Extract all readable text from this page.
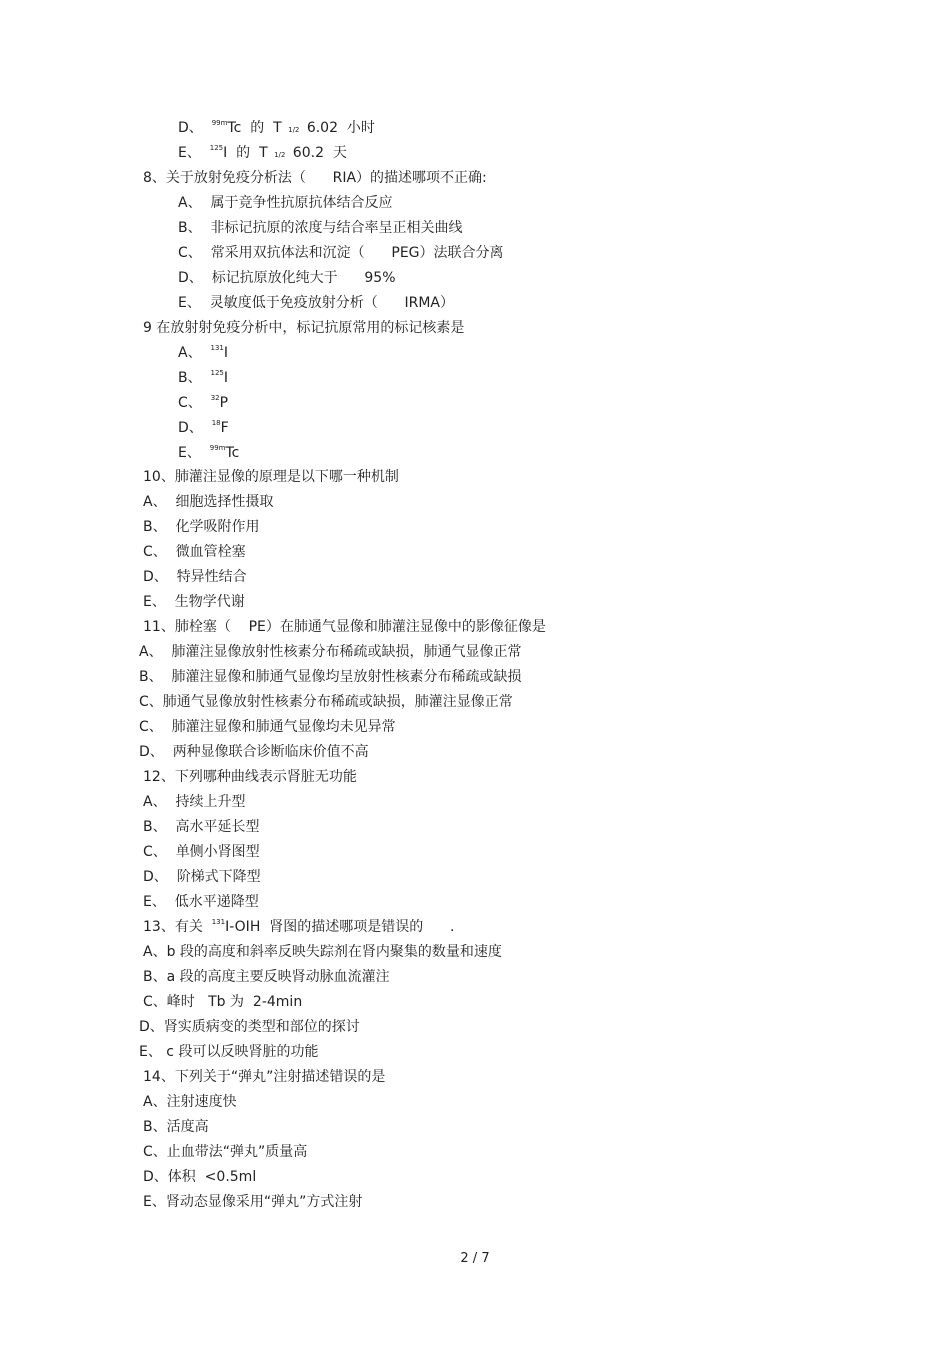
D、 $^{99m}$Tc  的  T 1/2 6.02  小时
E、 $^{125}$I  的  T 1/2 60.2  天
8、关于放射免疫分析法（      RIA）的描述哪项不正确:
A、 属于竞争性抗原抗体结合反应
B、 非标记抗原的浓度与结合率呈正相关曲线
C、 常采用双抗体法和沉淀（      PEG）法联合分离
D、 标记抗原放化纯大于      95%
E、 灵敏度低于免疫放射分析（      IRMA）
9 在放射射免疫分析中，标记抗原常用的标记核素是
A、 $^{131}$I
B、 $^{125}$I
C、 $^{32}$P
D、 $^{18}$F
E、 $^{99m}$Tc
10、肺灌注显像的原理是以下哪一种机制
A、 细胞选择性摄取
B、 化学吸附作用
C、 微血管栓塞
D、 特异性结合
E、 生物学代谢
11、肺栓塞（    PE）在肺通气显像和肺灌注显像中的影像征像是
A、 肺灌注显像放射性核素分布稀疏或缺损，肺通气显像正常
B、 肺灌注显像和肺通气显像均呈放射性核素分布稀疏或缺损
C、肺通气显像放射性核素分布稀疏或缺损，肺灌注显像正常
C、 肺灌注显像和肺通气显像均未见异常
D、 两种显像联合诊断临床价值不高
12、下列哪种曲线表示肾脏无功能
A、 持续上升型
B、 高水平延长型
C、 单侧小肾图型
D、 阶梯式下降型
E、 低水平递降型
13、有关  $^{131}$I-OIH  肾图的描述哪项是错误的      .
A、b 段的高度和斜率反映失踪剂在肾内聚集的数量和速度
B、a 段的高度主要反映肾动脉血流灌注
C、峰时   Tb 为  2-4min
D、肾实质病变的类型和部位的探讨
E、 c 段可以反映肾脏的功能
14、下列关于“弹丸”注射描述错误的是
A、注射速度快
B、活度高
C、止血带法“弹丸”质量高
D、体积  <0.5ml
E、肾动态显像采用“弹丸”方式注射
2 / 7
